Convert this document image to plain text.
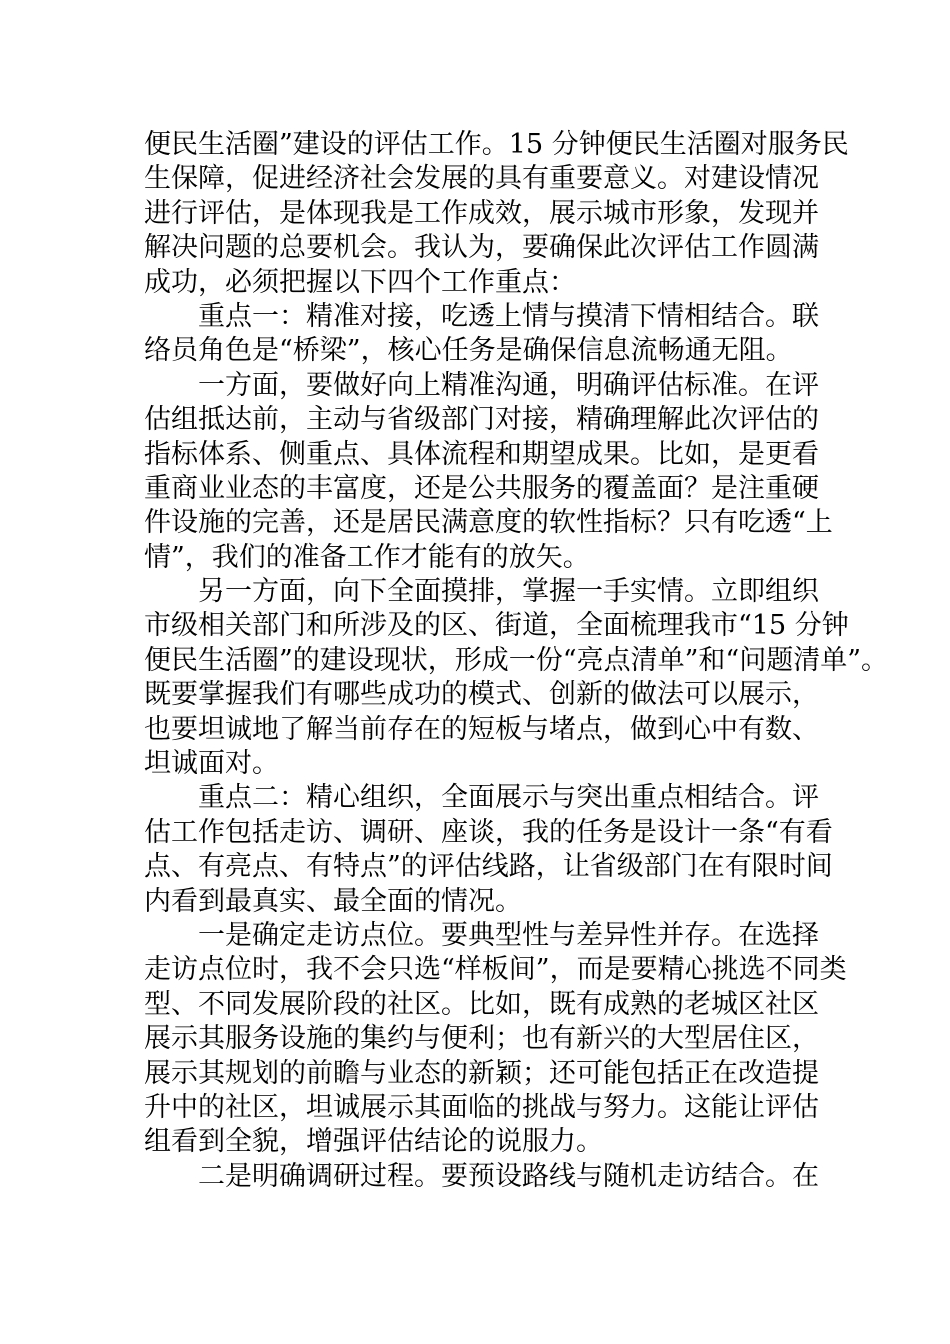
便民生活圈”建设的评估工作。15 分钟便民生活圈对服务民
生保障，促进经济社会发展的具有重要意义。对建设情况
进行评估，是体现我是工作成效，展示城市形象，发现并
解决问题的总要机会。我认为，要确保此次评估工作圆满
成功，必须把握以下四个工作重点：
重点一：精准对接，吃透上情与摸清下情相结合。联
络员角色是“桥梁”，核心任务是确保信息流畅通无阻。
一方面，要做好向上精准沟通，明确评估标准。在评
估组抵达前，主动与省级部门对接，精确理解此次评估的
指标体系、侧重点、具体流程和期望成果。比如，是更看
重商业业态的丰富度，还是公共服务的覆盖面？是注重硬
件设施的完善，还是居民满意度的软性指标？只有吃透“上
情”，我们的准备工作才能有的放矢。
另一方面，向下全面摸排，掌握一手实情。立即组织
市级相关部门和所涉及的区、街道，全面梳理我市“15 分钟
便民生活圈”的建设现状，形成一份“亮点清单”和“问题清单”。
既要掌握我们有哪些成功的模式、创新的做法可以展示，
也要坦诚地了解当前存在的短板与堵点，做到心中有数、
坦诚面对。
重点二：精心组织，全面展示与突出重点相结合。评
估工作包括走访、调研、座谈，我的任务是设计一条“有看
点、有亮点、有特点”的评估线路，让省级部门在有限时间
内看到最真实、最全面的情况。
一是确定走访点位。要典型性与差异性并存。在选择
走访点位时，我不会只选“样板间”，而是要精心挑选不同类
型、不同发展阶段的社区。比如，既有成熟的老城区社区
展示其服务设施的集约与便利；也有新兴的大型居住区，
展示其规划的前瞻与业态的新颖；还可能包括正在改造提
升中的社区，坦诚展示其面临的挑战与努力。这能让评估
组看到全貌，增强评估结论的说服力。
二是明确调研过程。要预设路线与随机走访结合。在
